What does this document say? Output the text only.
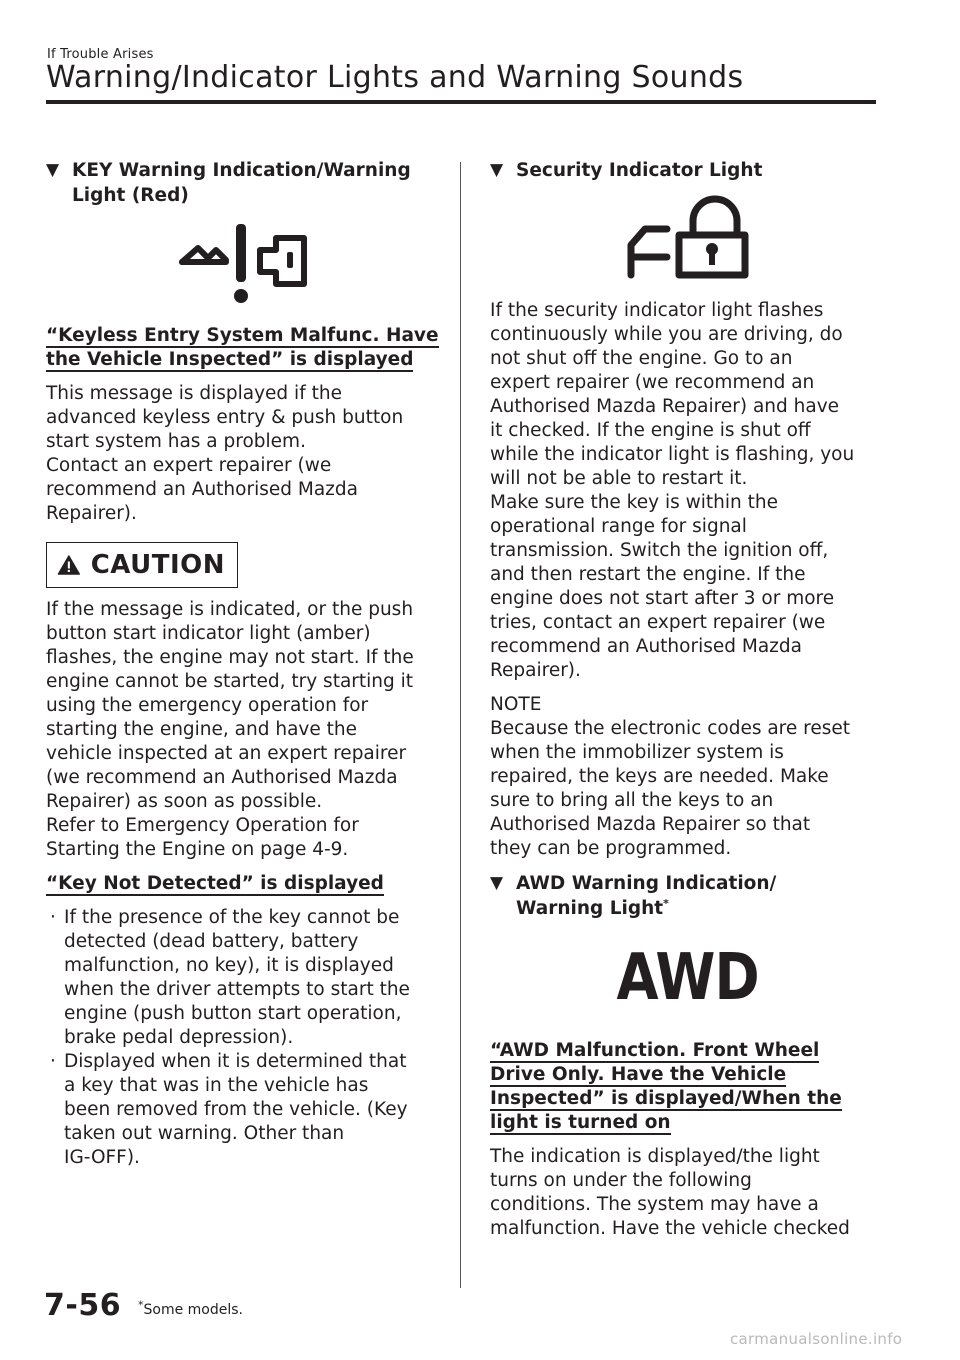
If Trouble Arises
Warning/Indicator Lights and Warning Sounds
▼ KEY Warning Indication/Warning
Light (Red)
“Keyless Entry System Malfunc. Have
the Vehicle Inspected” is displayed

This message is displayed if the
advanced keyless entry & push button
start system has a problem.
Contact an expert repairer (we
recommend an Authorised Mazda
Repairer).

CAUTION

If the message is indicated, or the push
button start indicator light (amber)
flashes, the engine may not start. If the
engine cannot be started, try starting it
using the emergency operation for
starting the engine, and have the
vehicle inspected at an expert repairer
(we recommend an Authorised Mazda
Repairer) as soon as possible.
Refer to Emergency Operation for
Starting the Engine on page 4-9.

“Key Not Detected” is displayed
· If the presence of the key cannot be
detected (dead battery, battery
malfunction, no key), it is displayed
when the driver attempts to start the
engine (push button start operation,
brake pedal depression).
· Displayed when it is determined that
a key that was in the vehicle has
been removed from the vehicle. (Key
taken out warning. Other than
IG-OFF).
▼ Security Indicator Light

If the security indicator light flashes
continuously while you are driving, do
not shut off the engine. Go to an
expert repairer (we recommend an
Authorised Mazda Repairer) and have
it checked. If the engine is shut off
while the indicator light is flashing, you
will not be able to restart it.
Make sure the key is within the
operational range for signal
transmission. Switch the ignition off,
and then restart the engine. If the
engine does not start after 3 or more
tries, contact an expert repairer (we
recommend an Authorised Mazda
Repairer).

NOTE

Because the electronic codes are reset
when the immobilizer system is
repaired, the keys are needed. Make
sure to bring all the keys to an
Authorised Mazda Repairer so that
they can be programmed.

▼ AWD Warning Indication/
Warning Light*
AWD
“AWD Malfunction. Front Wheel
Drive Only. Have the Vehicle
Inspected” is displayed/When the
light is turned on

The indication is displayed/the light
turns on under the following
conditions. The system may have a
malfunction. Have the vehicle checked

7-56 *Some models.
carmanualsonline.info
